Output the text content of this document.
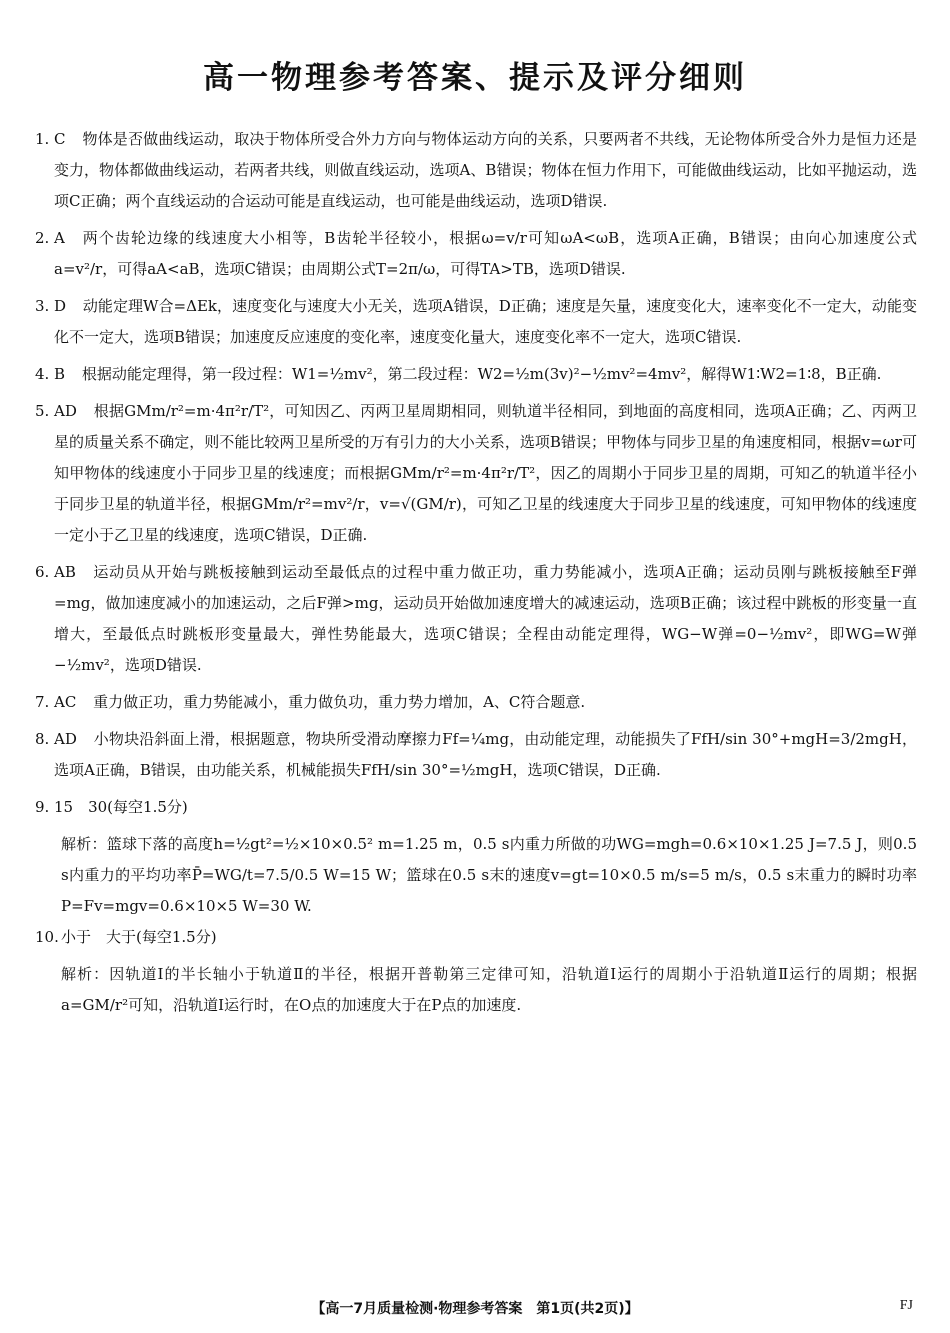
高一物理参考答案、提示及评分细则
1. C 物体是否做曲线运动，取决于物体所受合外力方向与物体运动方向的关系，只要两者不共线，无论物体所受合外力是恒力还是变力，物体都做曲线运动，若两者共线，则做直线运动，选项A、B错误；物体在恒力作用下，可能做曲线运动，比如平抛运动，选项C正确；两个直线运动的合运动可能是直线运动，也可能是曲线运动，选项D错误.
2. A 两个齿轮边缘的线速度大小相等，B齿轮半径较小，根据ω=v/r可知ωA<ωB，选项A正确，B错误；由向心加速度公式a=v²/r，可得aA<aB，选项C错误；由周期公式T=2π/ω，可得TA>TB，选项D错误.
3. D 动能定理W合=ΔEk，速度变化与速度大小无关，选项A错误，D正确；速度是矢量，速度变化大，速率变化不一定大，动能变化不一定大，选项B错误；加速度反应速度的变化率，速度变化量大，速度变化率不一定大，选项C错误.
4. B 根据动能定理得，第一段过程：W1=½mv²，第二段过程：W2=½m(3v)²−½mv²=4mv²，解得W1∶W2=1∶8，B正确.
5. AD 根据GMm/r²=m·4π²r/T²，可知因乙、丙两卫星周期相同，则轨道半径相同，到地面的高度相同，选项A正确；乙、丙两卫星的质量关系不确定，则不能比较两卫星所受的万有引力的大小关系，选项B错误；甲物体与同步卫星的角速度相同，根据v=ωr可知甲物体的线速度小于同步卫星的线速度；而根据GMm/r²=m·4π²r/T²，因乙的周期小于同步卫星的周期，可知乙的轨道半径小于同步卫星的轨道半径，根据GMm/r²=mv²/r，v=√(GM/r)，可知乙卫星的线速度大于同步卫星的线速度，可知甲物体的线速度一定小于乙卫星的线速度，选项C错误，D正确.
6. AB 运动员从开始与跳板接触到运动至最低点的过程中重力做正功，重力势能减小，选项A正确；运动员刚与跳板接触至F弹=mg，做加速度减小的加速运动，之后F弹>mg，运动员开始做加速度增大的减速运动，选项B正确；该过程中跳板的形变量一直增大，至最低点时跳板形变量最大，弹性势能最大，选项C错误；全程由动能定理得，WG−W弹=0−½mv²，即WG=W弹−½mv²，选项D错误.
7. AC 重力做正功，重力势能减小，重力做负功，重力势力增加，A、C符合题意.
8. AD 小物块沿斜面上滑，根据题意，物块所受滑动摩擦力Ff=¼mg，由动能定理，动能损失了FfH/sin 30°+mgH=3/2mgH，选项A正确，B错误，由功能关系，机械能损失FfH/sin 30°=½mgH，选项C错误，D正确.
9. 15　30(每空1.5分)
解析：篮球下落的高度h=½gt²=½×10×0.5² m=1.25 m，0.5 s内重力所做的功WG=mgh=0.6×10×1.25 J=7.5 J，则0.5 s内重力的平均功率P̄=WG/t=7.5/0.5 W=15 W；篮球在0.5 s末的速度v=gt=10×0.5 m/s=5 m/s，0.5 s末重力的瞬时功率P=Fv=mgv=0.6×10×5 W=30 W.
10. 小于　大于(每空1.5分)
解析：因轨道Ⅰ的半长轴小于轨道Ⅱ的半径，根据开普勒第三定律可知，沿轨道Ⅰ运行的周期小于沿轨道Ⅱ运行的周期；根据a=GM/r²可知，沿轨道Ⅰ运行时，在O点的加速度大于在P点的加速度.
【高一7月质量检测·物理参考答案　第1页(共2页)】	FJ
